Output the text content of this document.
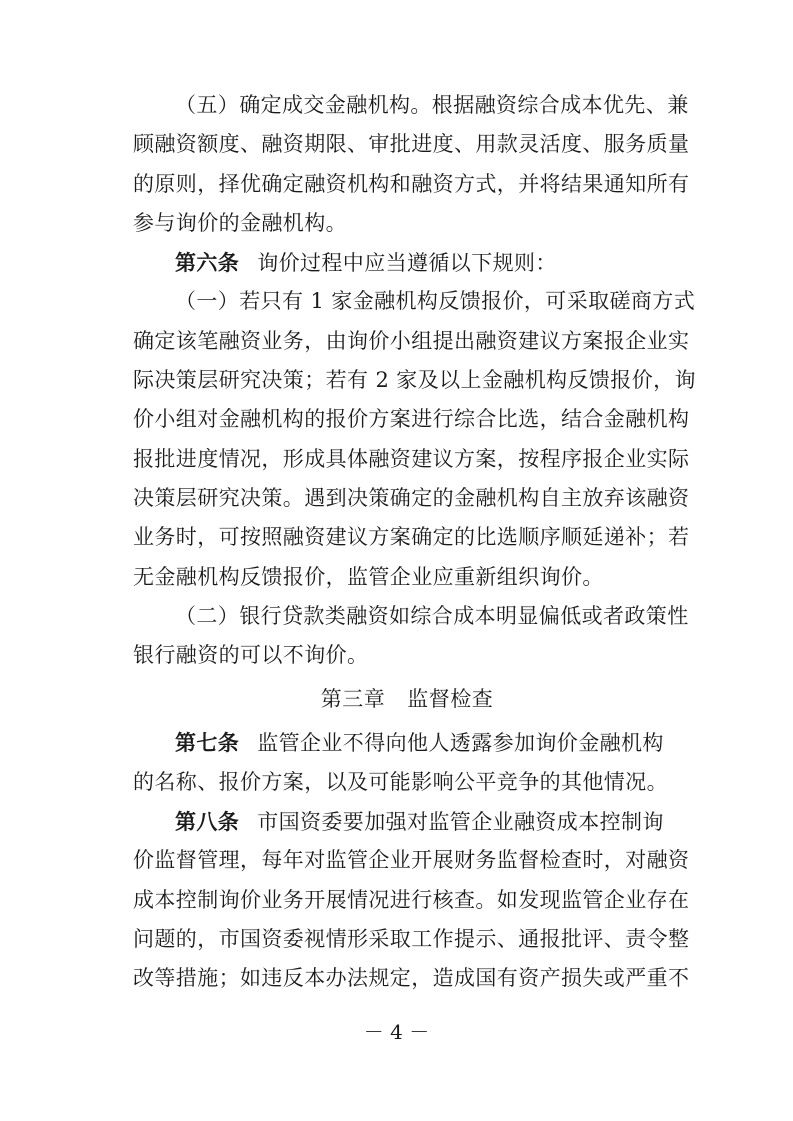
（五）确定成交金融机构。根据融资综合成本优先、兼
顾融资额度、融资期限、审批进度、用款灵活度、服务质量
的原则，择优确定融资机构和融资方式，并将结果通知所有
参与询价的金融机构。
第六条 询价过程中应当遵循以下规则：
（一）若只有 1 家金融机构反馈报价，可采取磋商方式
确定该笔融资业务，由询价小组提出融资建议方案报企业实
际决策层研究决策；若有 2 家及以上金融机构反馈报价，询
价小组对金融机构的报价方案进行综合比选，结合金融机构
报批进度情况，形成具体融资建议方案，按程序报企业实际
决策层研究决策。遇到决策确定的金融机构自主放弃该融资
业务时，可按照融资建议方案确定的比选顺序顺延递补；若
无金融机构反馈报价，监管企业应重新组织询价。
（二）银行贷款类融资如综合成本明显偏低或者政策性
银行融资的可以不询价。
第三章 监督检查
第七条 监管企业不得向他人透露参加询价金融机构
的名称、报价方案，以及可能影响公平竞争的其他情况。
第八条 市国资委要加强对监管企业融资成本控制询
价监督管理，每年对监管企业开展财务监督检查时，对融资
成本控制询价业务开展情况进行核查。如发现监管企业存在
问题的，市国资委视情形采取工作提示、通报批评、责令整
改等措施；如违反本办法规定，造成国有资产损失或严重不
－ 4 －
